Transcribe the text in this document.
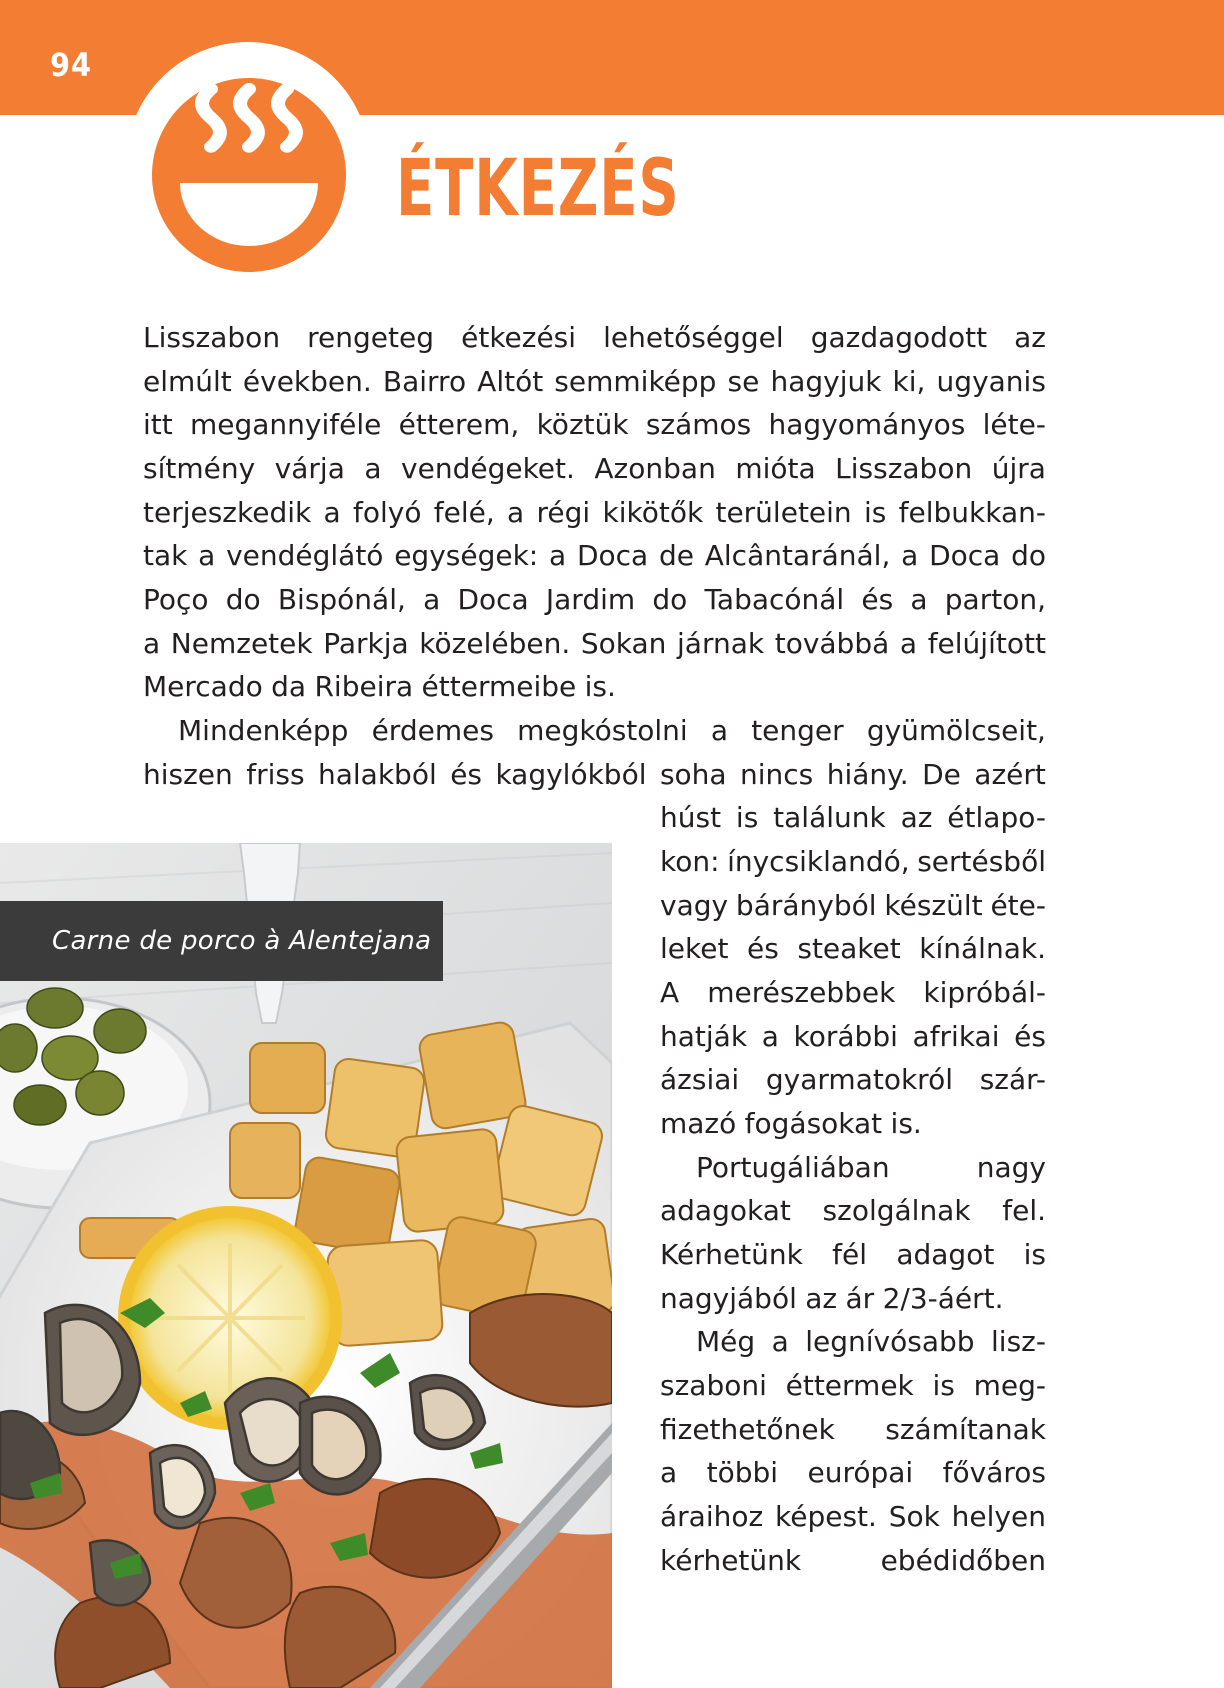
94

ÉTKEZÉS
Lisszabon rengeteg étkezési lehetőséggel gazdagodott az
elmúlt években. Bairro Altót semmiképp se hagyjuk ki, ugyanis
itt megannyiféle étterem, köztük számos hagyományos léte-
sítmény várja a vendégeket. Azonban mióta Lisszabon újra
terjeszkedik a folyó felé, a régi kikötők területein is felbukkan-
tak a vendéglátó egységek: a Doca de Alcântaránál, a Doca do
Poço do Bispónál, a Doca Jardim do Tabacónál és a parton,
a Nemzetek Parkja közelében. Sokan járnak továbbá a felújított
Mercado da Ribeira éttermeibe is.
Mindenképp érdemes megkóstolni a tenger gyümölcseit,
hiszen friss halakból és kagylókból soha nincs hiány. De azért
húst is találunk az étlapo-
kon: ínycsiklandó, sertésből
vagy bárányból készült éte-
leket és steaket kínálnak.
A merészebbek kipróbál-
hatják a korábbi afrikai és
ázsiai gyarmatokról szár-
mazó fogásokat is.
Portugáliában	nagy
adagokat szolgálnak fel.
Kérhetünk fél adagot is
nagyjából az ár 2/3-áért.
Még a legnívósabb lisz-
szaboni éttermek is meg-
fizethetőnek számítanak
a többi európai főváros
áraihoz képest. Sok helyen
kérhetünk	ebédidőben
Carne de porco à Alentejana
